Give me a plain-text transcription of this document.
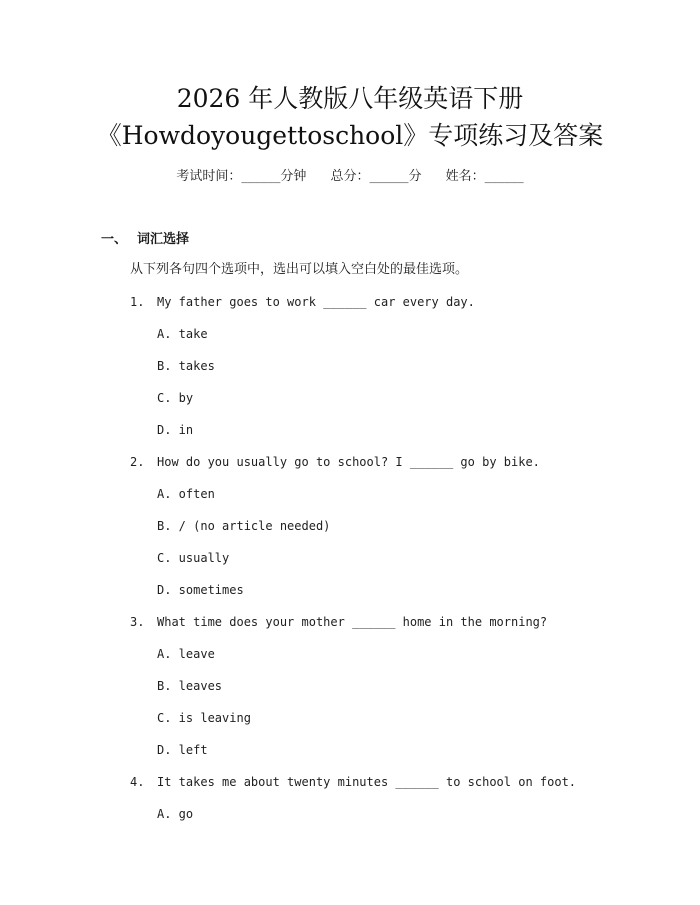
2026 年人教版八年级英语下册
《Howdoyougettoschool》专项练习及答案
考试时间：______分钟 总分：______分 姓名：______
一、 词汇选择
从下列各句四个选项中，选出可以填入空白处的最佳选项。
1. My father goes to work ______ car every day.
A. take
B. takes
C. by
D. in
2. How do you usually go to school? I ______ go by bike.
A. often
B. / (no article needed)
C. usually
D. sometimes
3. What time does your mother ______ home in the morning?
A. leave
B. leaves
C. is leaving
D. left
4. It takes me about twenty minutes ______ to school on foot.
A. go
